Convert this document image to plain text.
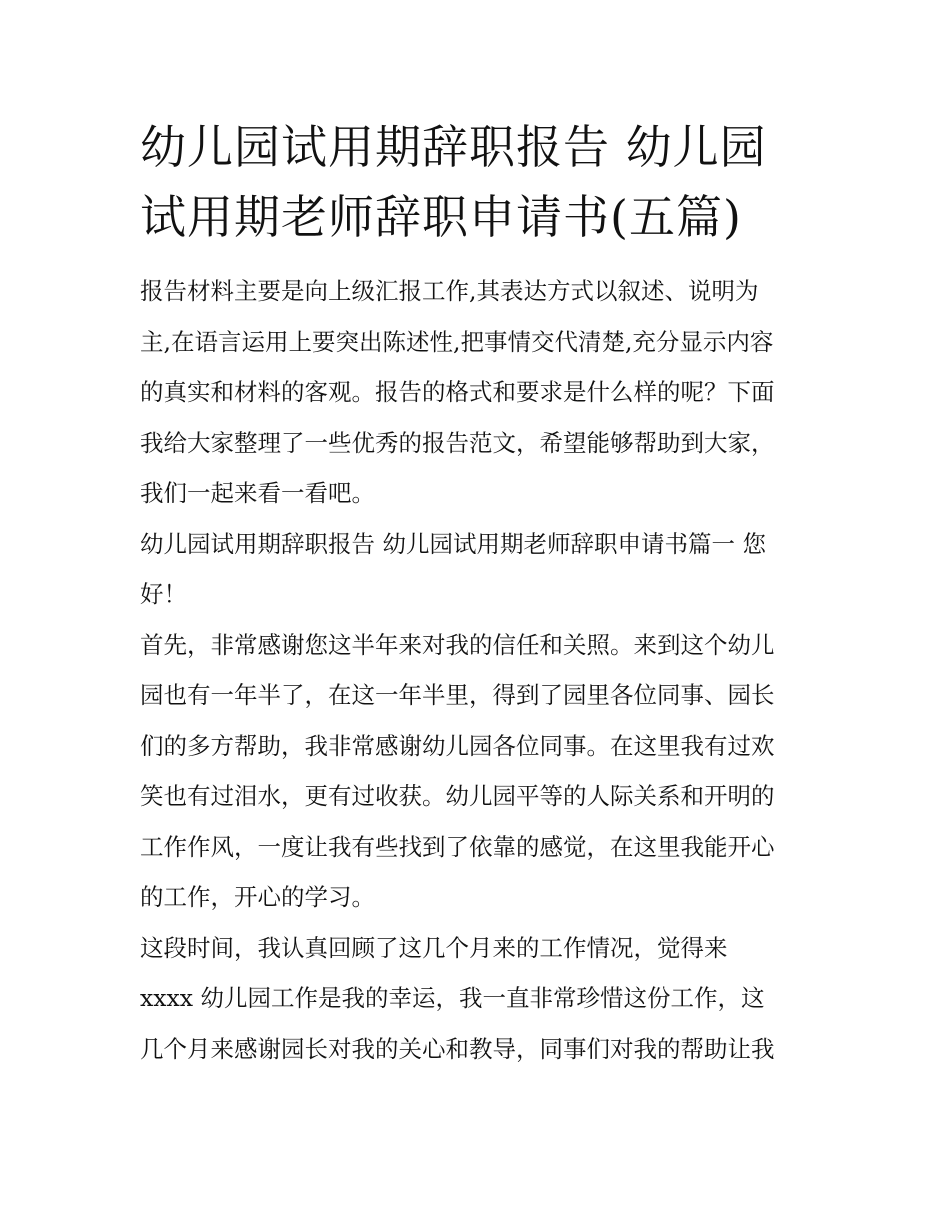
幼儿园试用期辞职报告 幼儿园
试用期老师辞职申请书(五篇)
报告材料主要是向上级汇报工作,其表达方式以叙述、说明为
主,在语言运用上要突出陈述性,把事情交代清楚,充分显示内容
的真实和材料的客观。报告的格式和要求是什么样的呢？下面
我给大家整理了一些优秀的报告范文，希望能够帮助到大家，
我们一起来看一看吧。
幼儿园试用期辞职报告 幼儿园试用期老师辞职申请书篇一 您
好！
首先，非常感谢您这半年来对我的信任和关照。来到这个幼儿
园也有一年半了，在这一年半里，得到了园里各位同事、园长
们的多方帮助，我非常感谢幼儿园各位同事。在这里我有过欢
笑也有过泪水，更有过收获。幼儿园平等的人际关系和开明的
工作作风，一度让我有些找到了依靠的感觉，在这里我能开心
的工作，开心的学习。
这段时间，我认真回顾了这几个月来的工作情况，觉得来
xxxx 幼儿园工作是我的幸运，我一直非常珍惜这份工作，这
几个月来感谢园长对我的关心和教导，同事们对我的帮助让我
